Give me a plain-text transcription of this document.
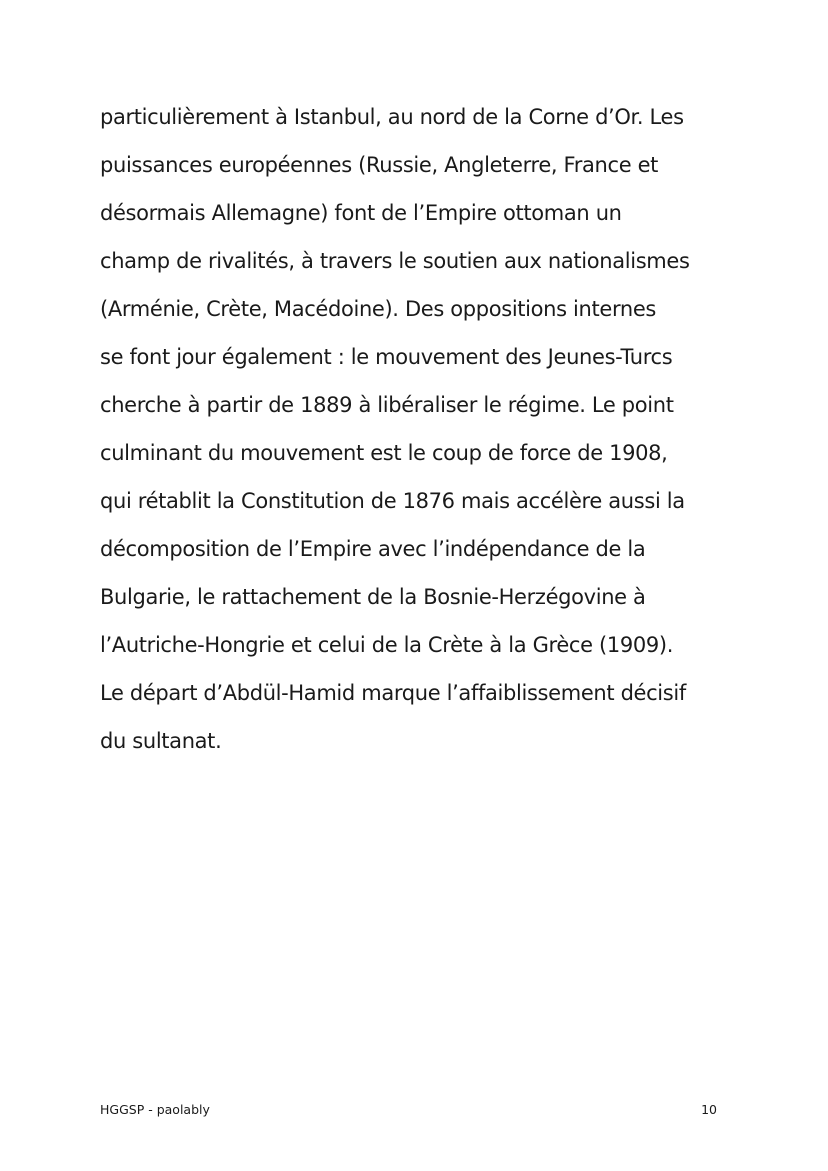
particulièrement à Istanbul, au nord de la Corne d’Or. Les
puissances européennes (Russie, Angleterre, France et
désormais Allemagne) font de l’Empire ottoman un
champ de rivalités, à travers le soutien aux nationalismes
(Arménie, Crète, Macédoine). Des oppositions internes
se font jour également : le mouvement des Jeunes-Turcs
cherche à partir de 1889 à libéraliser le régime. Le point
culminant du mouvement est le coup de force de 1908,
qui rétablit la Constitution de 1876 mais accélère aussi la
décomposition de l’Empire avec l’indépendance de la
Bulgarie, le rattachement de la Bosnie-Herzégovine à
l’Autriche-Hongrie et celui de la Crète à la Grèce (1909).
Le départ d’Abdül-Hamid marque l’affaiblissement décisif
du sultanat.

HGGSP - paolably	10
